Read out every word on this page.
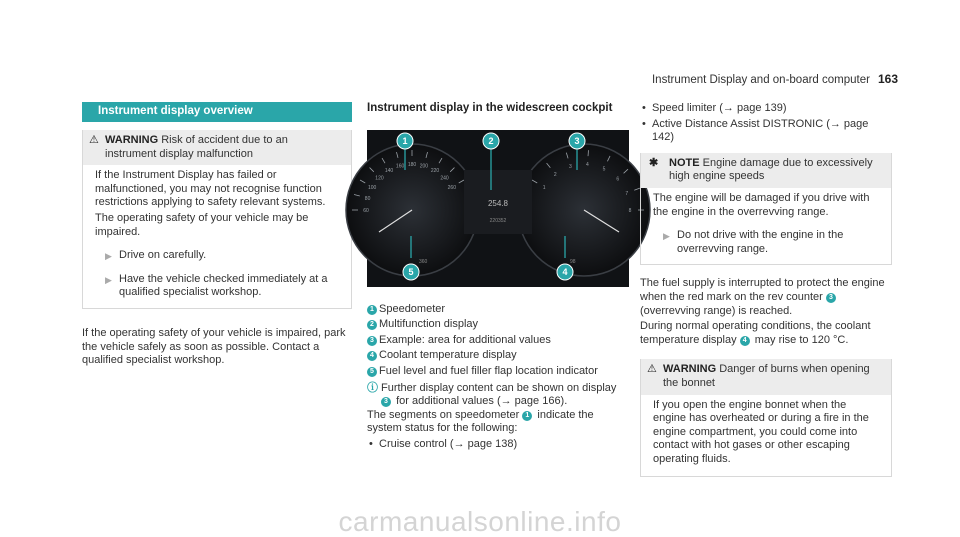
Instrument Display and on-board computer 163
Instrument display overview
⚠ WARNING Risk of accident due to an instrument display malfunction

If the Instrument Display has failed or malfunctioned, you may not recognise function restrictions applying to safety relevant systems.

The operating safety of your vehicle may be impaired.

▶ Drive on carefully.
▶ Have the vehicle checked immediately at a qualified specialist workshop.

If the operating safety of your vehicle is impaired, park the vehicle safely as soon as possible. Contact a qualified specialist workshop.

Instrument display in the widescreen cockpit
60
80
100
120
140
160 180 200
220
240
260	1
2
3	4
5
6
7
8
254.8
220352
360	98
1	2	3
4
5
1 Speedometer
2 Multifunction display
3 Example: area for additional values
4 Coolant temperature display
5 Fuel level and fuel filler flap location indicator
ⓘ Further display content can be shown on display 3 for additional values (→ page 166).

The segments on speedometer 1 indicate the system status for the following:

• Cruise control (→ page 138)
• Speed limiter (→ page 139)
• Active Distance Assist DISTRONIC (→ page 142)
✱ NOTE Engine damage due to excessively high engine speeds

The engine will be damaged if you drive with the engine in the overrevving range.

▶ Do not drive with the engine in the overrevving range.

The fuel supply is interrupted to protect the engine when the red mark on the rev counter 3 (overrevving range) is reached.

During normal operating conditions, the coolant temperature display 4 may rise to 120 °C.

⚠ WARNING Danger of burns when opening the bonnet

If you open the engine bonnet when the engine has overheated or during a fire in the engine compartment, you could come into contact with hot gases or other escaping operating fluids.

carmanualsonline.info
